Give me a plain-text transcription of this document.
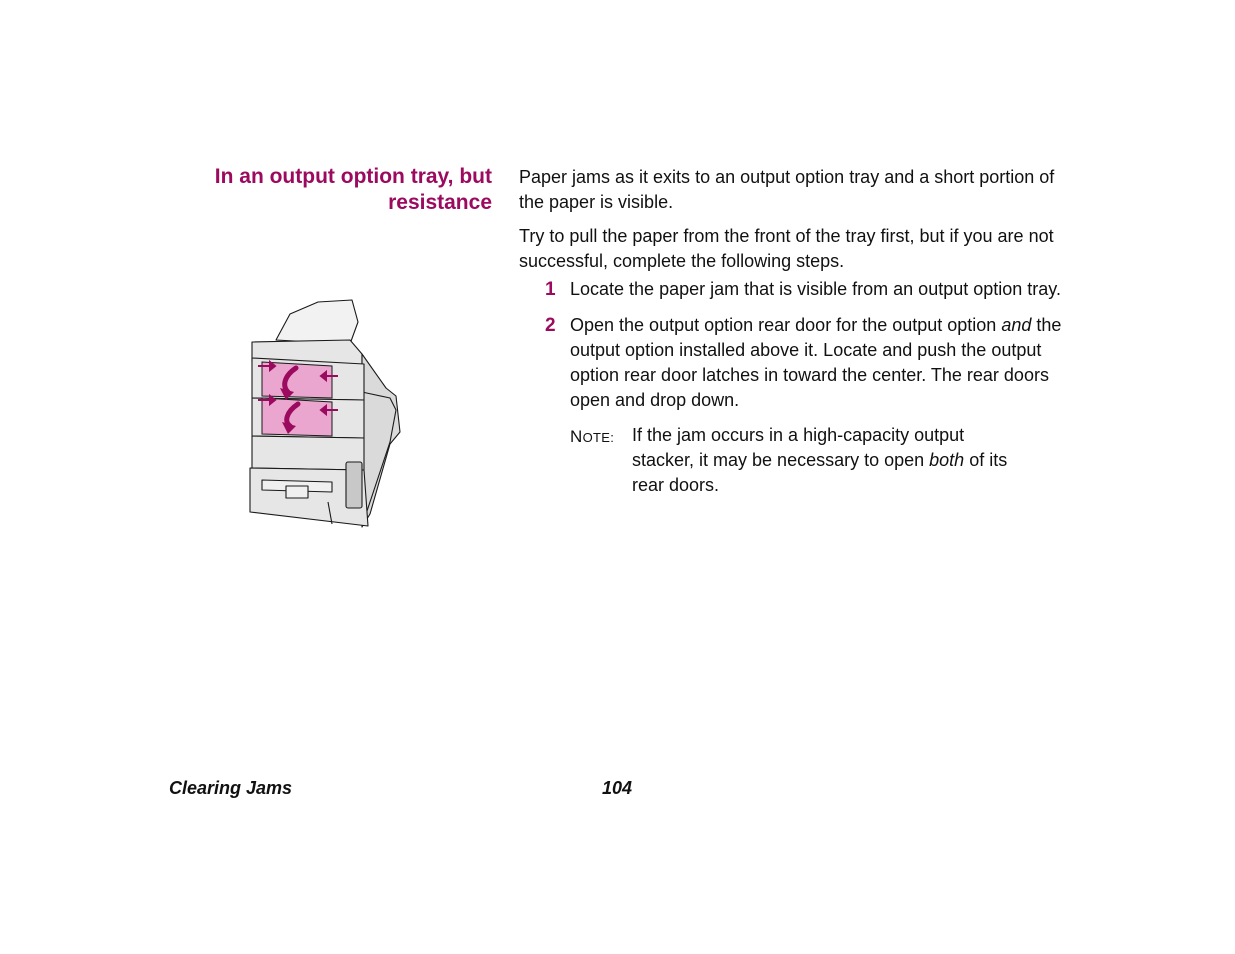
In an output option tray, but
resistance

Paper jams as it exits to an output option tray and a short portion of the paper is visible.

Try to pull the paper from the front of the tray first, but if you are not successful, complete the following steps.

1 Locate the paper jam that is visible from an output option tray.
2 Open the output option rear door for the output option and the output option installed above it. Locate and push the output option rear door latches in toward the center. The rear doors open and drop down.
NOTE: If the jam occurs in a high-capacity output stacker, it may be necessary to open both of its rear doors.
Clearing Jams	104
